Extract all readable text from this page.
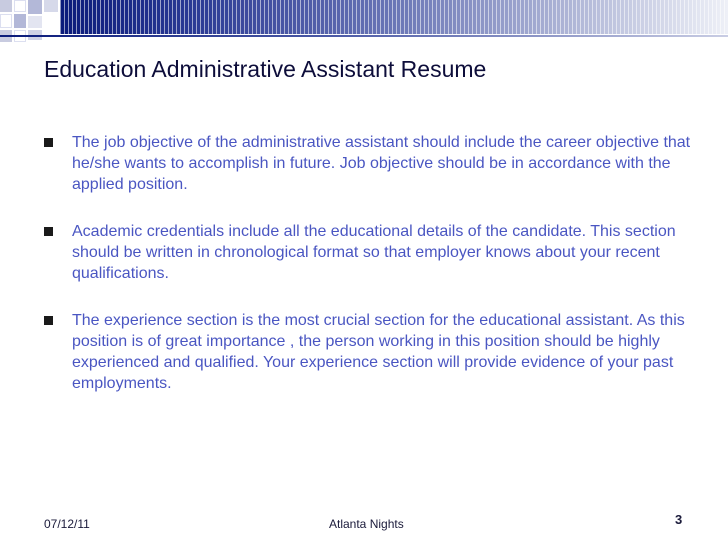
Education Administrative Assistant Resume
The job objective of the administrative assistant should include the career objective that he/she wants to accomplish in future. Job objective should be in accordance with the applied position.
Academic credentials include all the educational details of the candidate. This section should be written in chronological format so that employer knows about your recent qualifications.
The experience section is the most crucial section for the educational assistant. As this position is of great importance , the person working in this position should be highly experienced and qualified. Your experience section will provide evidence of your past employments.
07/12/11	Atlanta Nights	3
